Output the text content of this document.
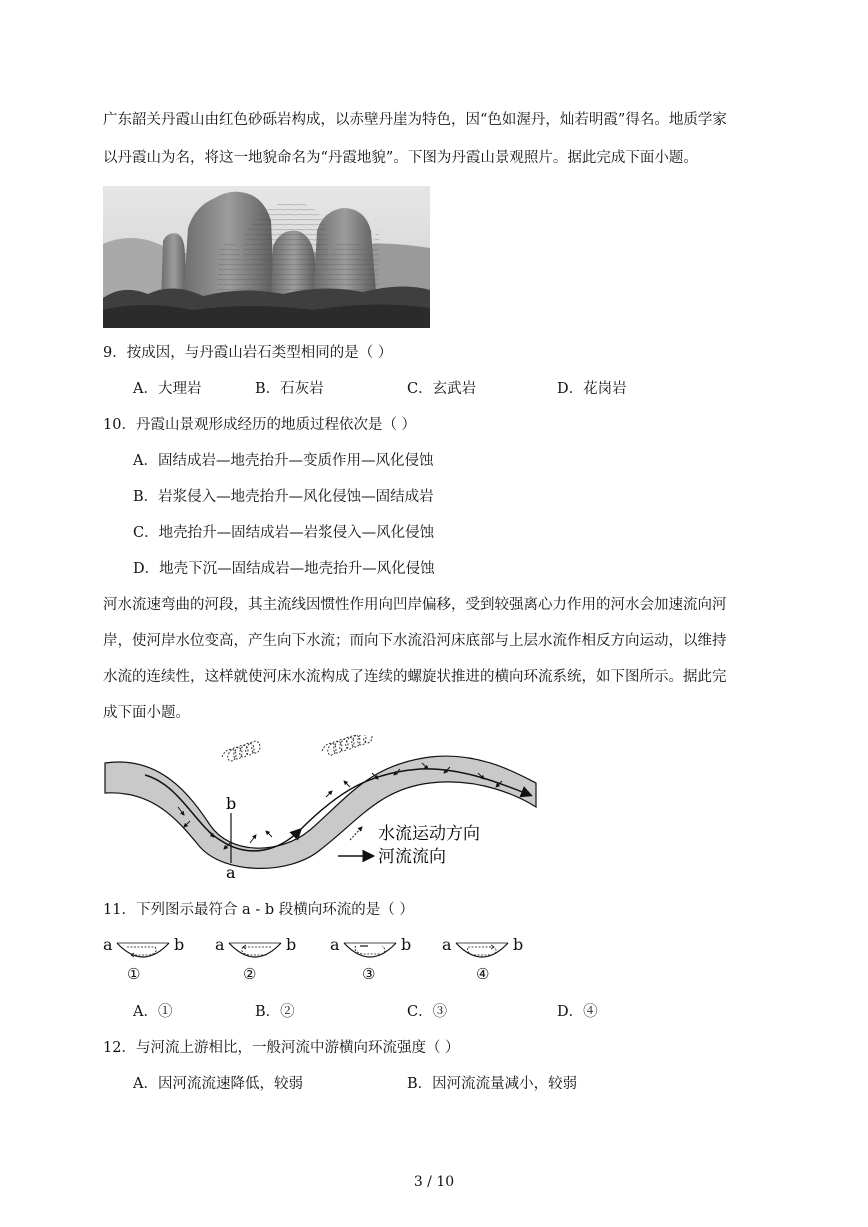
广东韶关丹霞山由红色砂砾岩构成，以赤壁丹崖为特色，因“色如渥丹，灿若明霞”得名。地质学家
以丹霞山为名，将这一地貌命名为“丹霞地貌”。下图为丹霞山景观照片。据此完成下面小题。
9．按成因，与丹霞山岩石类型相同的是（ ）
A．大理岩	B．石灰岩	C．玄武岩	D．花岗岩
10．丹霞山景观形成经历的地质过程依次是（ ）
A．固结成岩—地壳抬升—变质作用—风化侵蚀
B．岩浆侵入—地壳抬升—风化侵蚀—固结成岩
C．地壳抬升—固结成岩—岩浆侵入—风化侵蚀
D．地壳下沉—固结成岩—地壳抬升—风化侵蚀
河水流速弯曲的河段，其主流线因惯性作用向凹岸偏移，受到较强离心力作用的河水会加速流向河
岸，使河岸水位变高，产生向下水流；而向下水流沿河床底部与上层水流作相反方向运动，以维持
水流的连续性，这样就使河床水流构成了连续的螺旋状推进的横向环流系统，如下图所示。据此完
成下面小题。
b
a
水流运动方向
河流流向
11．下列图示最符合 a - b 段横向环流的是（ ）
a	b
①
a	b
②
a	b
③
a	b
④
A．①	B．②	C．③	D．④
12．与河流上游相比，一般河流中游横向环流强度（ ）
A．因河流流速降低，较弱	B．因河流流量减小，较弱
3 / 10
